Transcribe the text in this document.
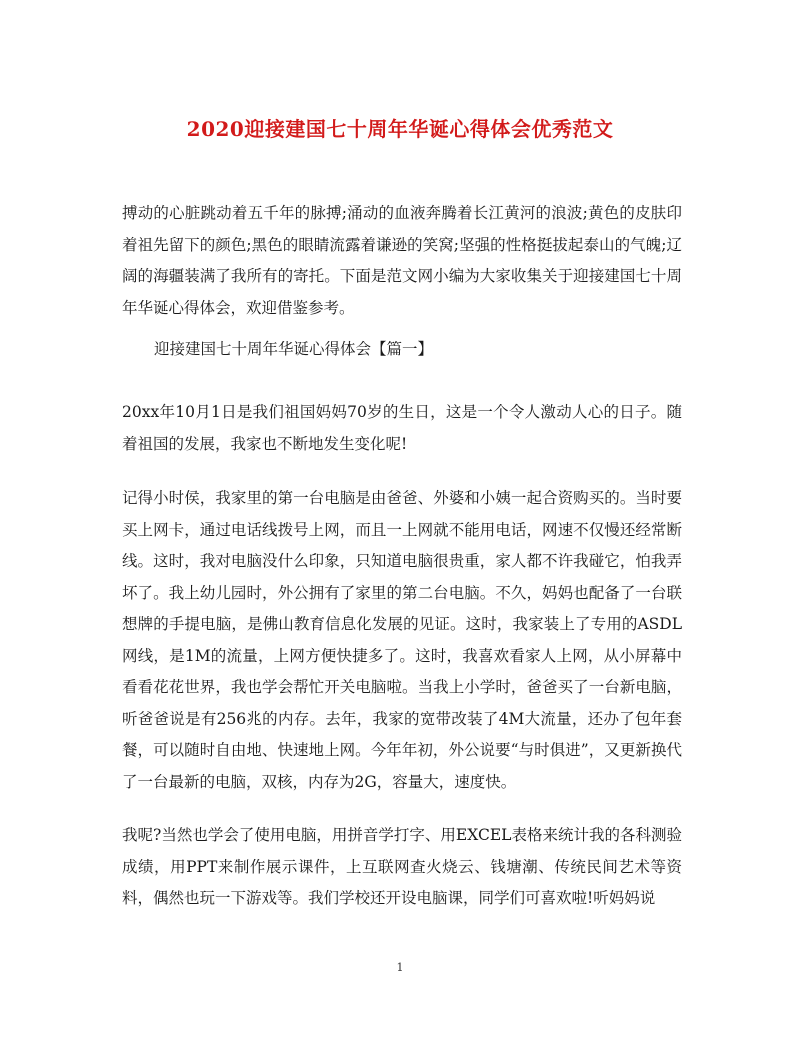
2020迎接建国七十周年华诞心得体会优秀范文

搏动的心脏跳动着五千年的脉搏;涌动的血液奔腾着长江黄河的浪波;黄色的皮肤印着祖先留下的颜色;黑色的眼睛流露着谦逊的笑窝;坚强的性格挺拔起泰山的气魄;辽阔的海疆装满了我所有的寄托。下面是范文网小编为大家收集关于迎接建国七十周年华诞心得体会，欢迎借鉴参考。

迎接建国七十周年华诞心得体会【篇一】

20xx年10月1日是我们祖国妈妈70岁的生日，这是一个令人激动人心的日子。随着祖国的发展，我家也不断地发生变化呢!

记得小时侯，我家里的第一台电脑是由爸爸、外婆和小姨一起合资购买的。当时要买上网卡，通过电话线拨号上网，而且一上网就不能用电话，网速不仅慢还经常断线。这时，我对电脑没什么印象，只知道电脑很贵重，家人都不许我碰它，怕我弄坏了。我上幼儿园时，外公拥有了家里的第二台电脑。不久，妈妈也配备了一台联想牌的手提电脑，是佛山教育信息化发展的见证。这时，我家装上了专用的ASDL网线，是1M的流量，上网方便快捷多了。这时，我喜欢看家人上网，从小屏幕中看看花花世界，我也学会帮忙开关电脑啦。当我上小学时，爸爸买了一台新电脑，听爸爸说是有256兆的内存。去年，我家的宽带改装了4M大流量，还办了包年套餐，可以随时自由地、快速地上网。今年年初，外公说要“与时俱进”，又更新换代了一台最新的电脑，双核，内存为2G，容量大，速度快。

我呢?当然也学会了使用电脑，用拼音学打字、用EXCEL表格来统计我的各科测验成绩，用PPT来制作展示课件，上互联网查火烧云、钱塘潮、传统民间艺术等资料，偶然也玩一下游戏等。我们学校还开设电脑课，同学们可喜欢啦!听妈妈说

1
